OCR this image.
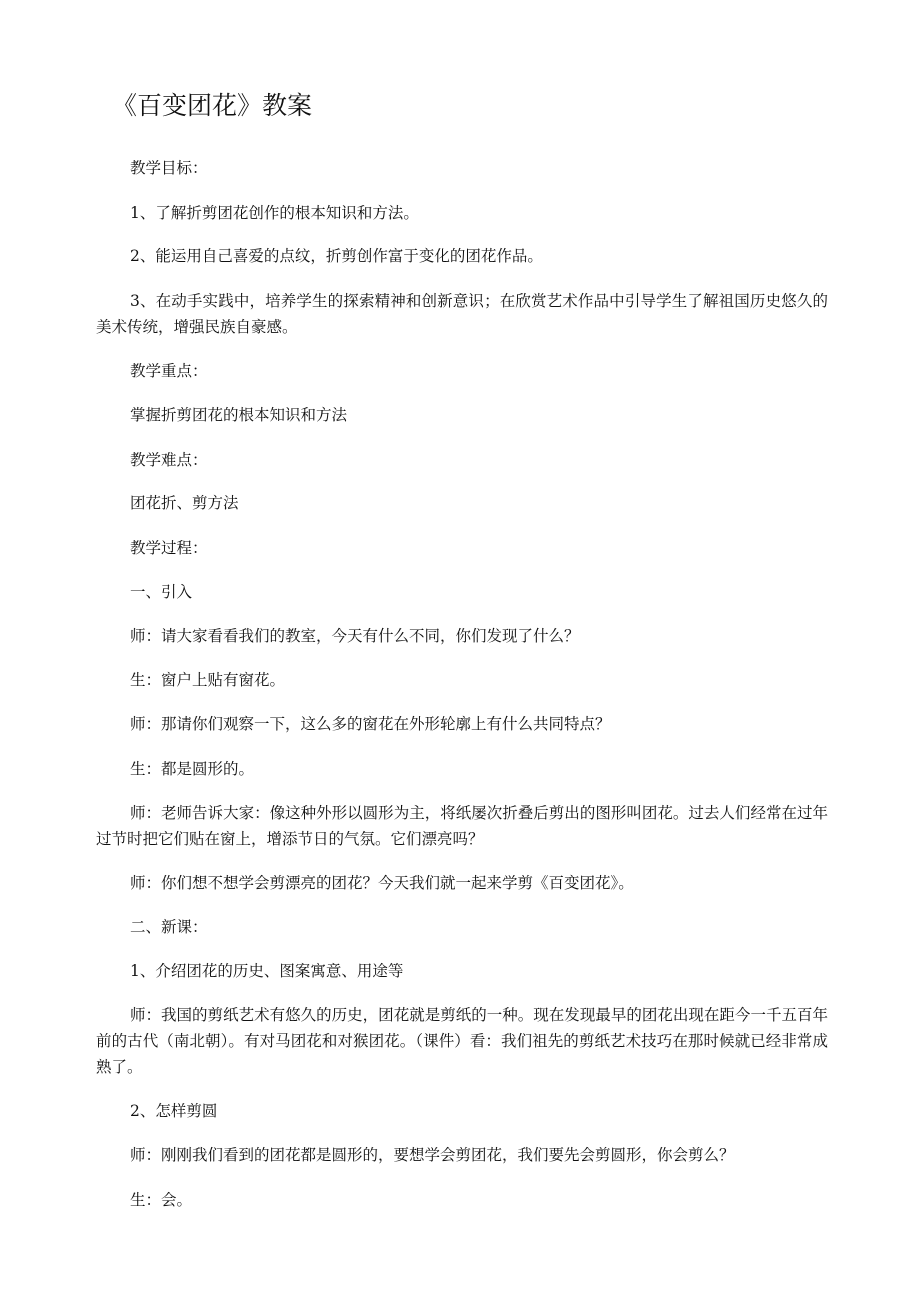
《百变团花》教案

教学目标：

1、了解折剪团花创作的根本知识和方法。

2、能运用自己喜爱的点纹，折剪创作富于变化的团花作品。

3、在动手实践中，培养学生的探索精神和创新意识；在欣赏艺术作品中引导学生了解祖国历史悠久的美术传统，增强民族自豪感。

教学重点：

掌握折剪团花的根本知识和方法

教学难点：

团花折、剪方法

教学过程：

一、引入

师：请大家看看我们的教室，今天有什么不同，你们发现了什么？

生：窗户上贴有窗花。

师：那请你们观察一下，这么多的窗花在外形轮廓上有什么共同特点？

生：都是圆形的。

师：老师告诉大家：像这种外形以圆形为主，将纸屡次折叠后剪出的图形叫团花。过去人们经常在过年过节时把它们贴在窗上，增添节日的气氛。它们漂亮吗？

师：你们想不想学会剪漂亮的团花？今天我们就一起来学剪《百变团花》。

二、新课：

1、介绍团花的历史、图案寓意、用途等

师：我国的剪纸艺术有悠久的历史，团花就是剪纸的一种。现在发现最早的团花出现在距今一千五百年前的古代（南北朝）。有对马团花和对猴团花。（课件）看：我们祖先的剪纸艺术技巧在那时候就已经非常成熟了。

2、怎样剪圆

师：刚刚我们看到的团花都是圆形的，要想学会剪团花，我们要先会剪圆形，你会剪么？

生：会。
